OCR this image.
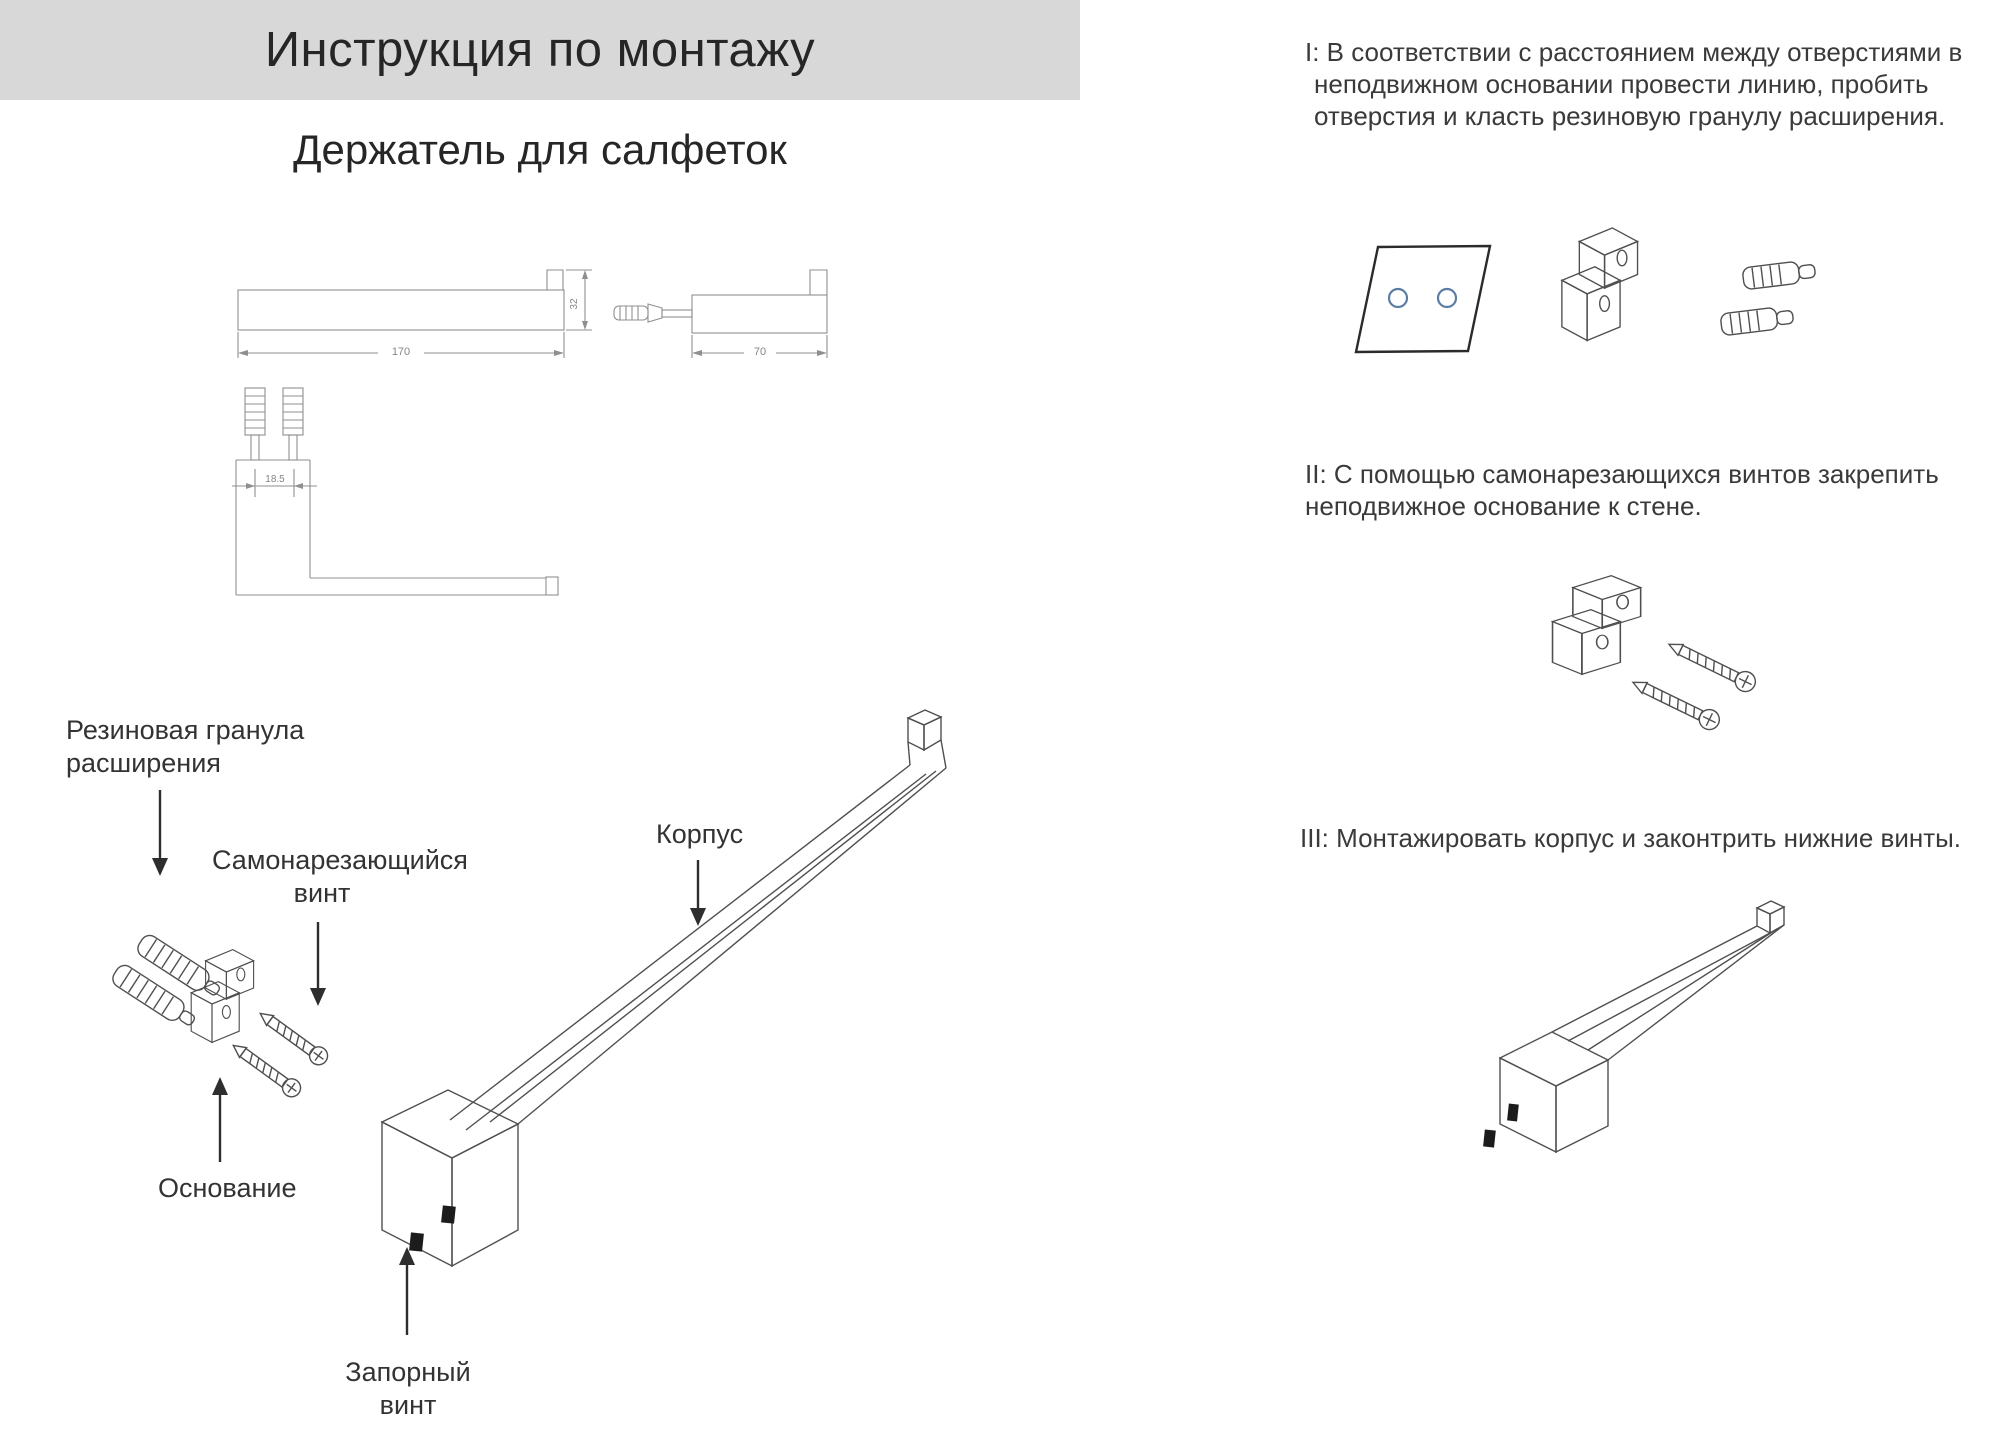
Инструкция по монтажу
Держатель для салфеток
32
170	70
18.5
Резиновая гранула
расширения
Самонарезающийся
винт
Корпус
Основание
Запорный
винт
I: В соответствии с расстоянием между отверстиями в
неподвижном основании провести линию, пробить
отверстия и класть резиновую гранулу расширения.
II: С помощью самонарезающихся винтов закрепить
неподвижное основание к стене.
III: Монтажировать корпус и законтрить нижние винты.
